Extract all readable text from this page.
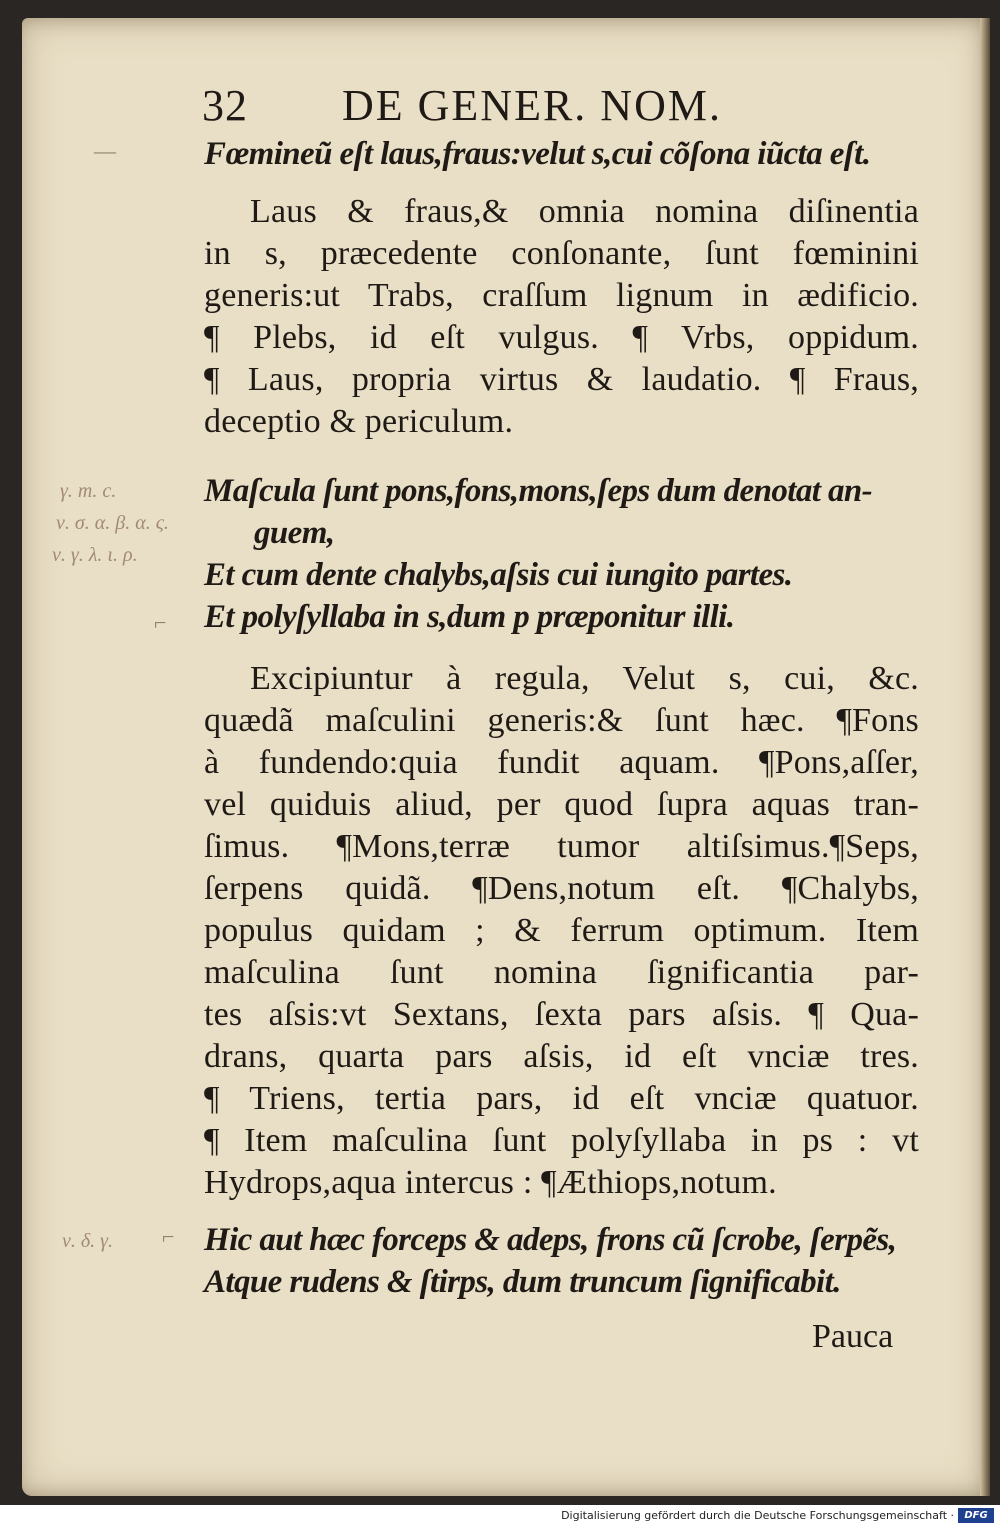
32 DE GENER. NOM.
—	Fœmineũ eſt laus,fraus:velut s,cui cõſona iũcta eſt.
Laus & fraus,& omnia nomina diſinentia
in s, præcedente conſonante, ſunt fœminini
generis:ut Trabs, craſſum lignum in ædificio.
¶ Plebs, id eſt vulgus. ¶ Vrbs, oppidum.
¶ Laus, propria virtus & laudatio. ¶ Fraus,
deceptio & periculum.
γ. m. c.
ν. σ. α. β. α. ς.
ν. γ. λ. ι. ρ.
Maſcula ſunt pons,fons,mons,ſeps dum denotat an-
guem,
Et cum dente chalybs,aſsis cui iungito partes.
⌐ Et polyſyllaba in s,dum p præponitur illi.
Excipiuntur à regula, Velut s, cui, &c.
quædã maſculini generis:& ſunt hæc. ¶Fons
à fundendo:quia fundit aquam. ¶Pons,aſſer,
vel quiduis aliud, per quod ſupra aquas tran-
ſimus. ¶Mons,terræ tumor altiſsimus.¶Seps,
ſerpens quidã. ¶Dens,notum eſt. ¶Chalybs,
populus quidam ; & ferrum optimum. Item
maſculina ſunt nomina ſignificantia par-
tes aſsis:vt Sextans, ſexta pars aſsis. ¶ Qua-
drans, quarta pars aſsis, id eſt vnciæ tres.
¶ Triens, tertia pars, id eſt vnciæ quatuor.
¶ Item maſculina ſunt polyſyllaba in ps : vt
Hydrops,aqua intercus : ¶Æthiops,notum.
ν. δ. γ. ⌐ Hic aut hæc forceps & adeps, frons cũ ſcrobe, ſerpẽs,
Atque rudens & ſtirps, dum truncum ſignificabit.
Pauca
Digitalisierung gefördert durch die Deutsche Forschungsgemeinschaft ·	DFG
